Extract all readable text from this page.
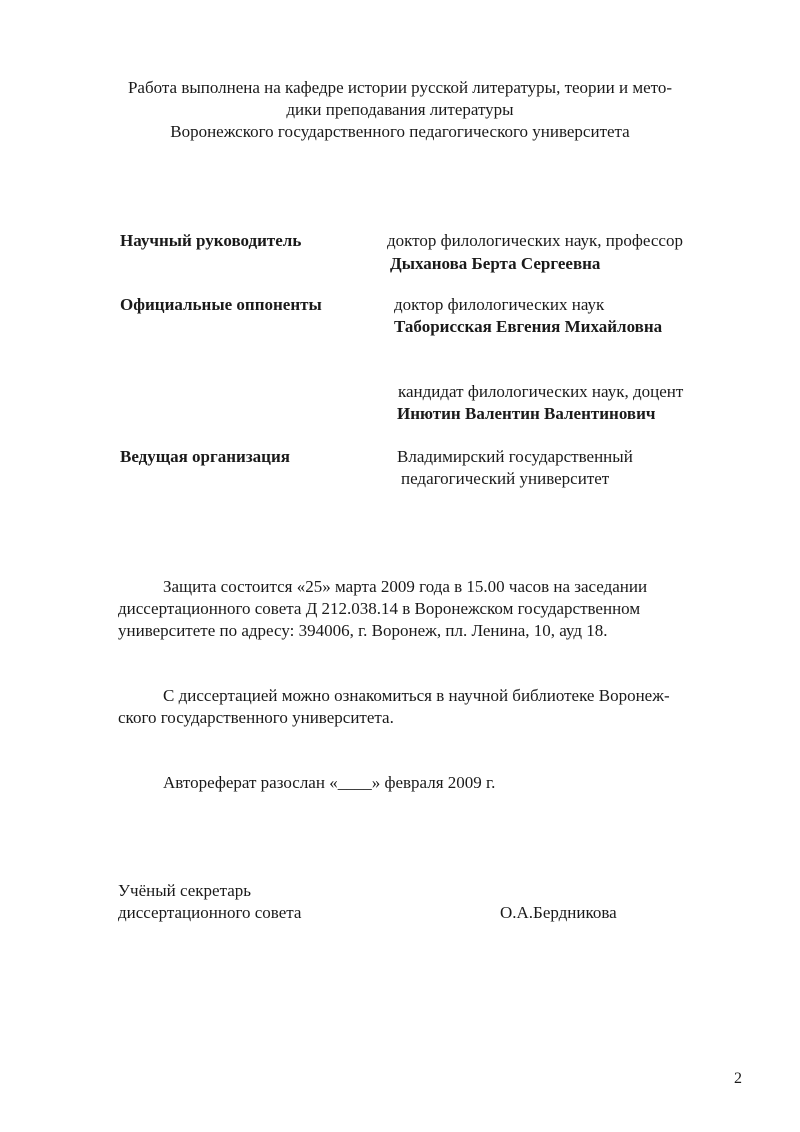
Работа выполнена на кафедре истории русской литературы, теории и мето-
дики преподавания литературы
Воронежского государственного педагогического университета
Научный руководитель	доктор филологических наук, профессор
Дыханова Берта Сергеевна
Официальные оппоненты	доктор филологических наук
Таборисская Евгения Михайловна
кандидат филологических наук, доцент
Инютин Валентин Валентинович
Ведущая организация	Владимирский государственный
педагогический университет
Защита состоится «25» марта 2009 года в 15.00 часов на заседании
диссертационного совета Д 212.038.14 в Воронежском государственном
университете по адресу: 394006, г. Воронеж, пл. Ленина, 10, ауд 18.
С диссертацией можно ознакомиться в научной библиотеке Воронеж-
ского государственного университета.
Автореферат разослан «____» февраля 2009 г.
Учёный секретарь
диссертационного совета	О.А.Бердникова
2
